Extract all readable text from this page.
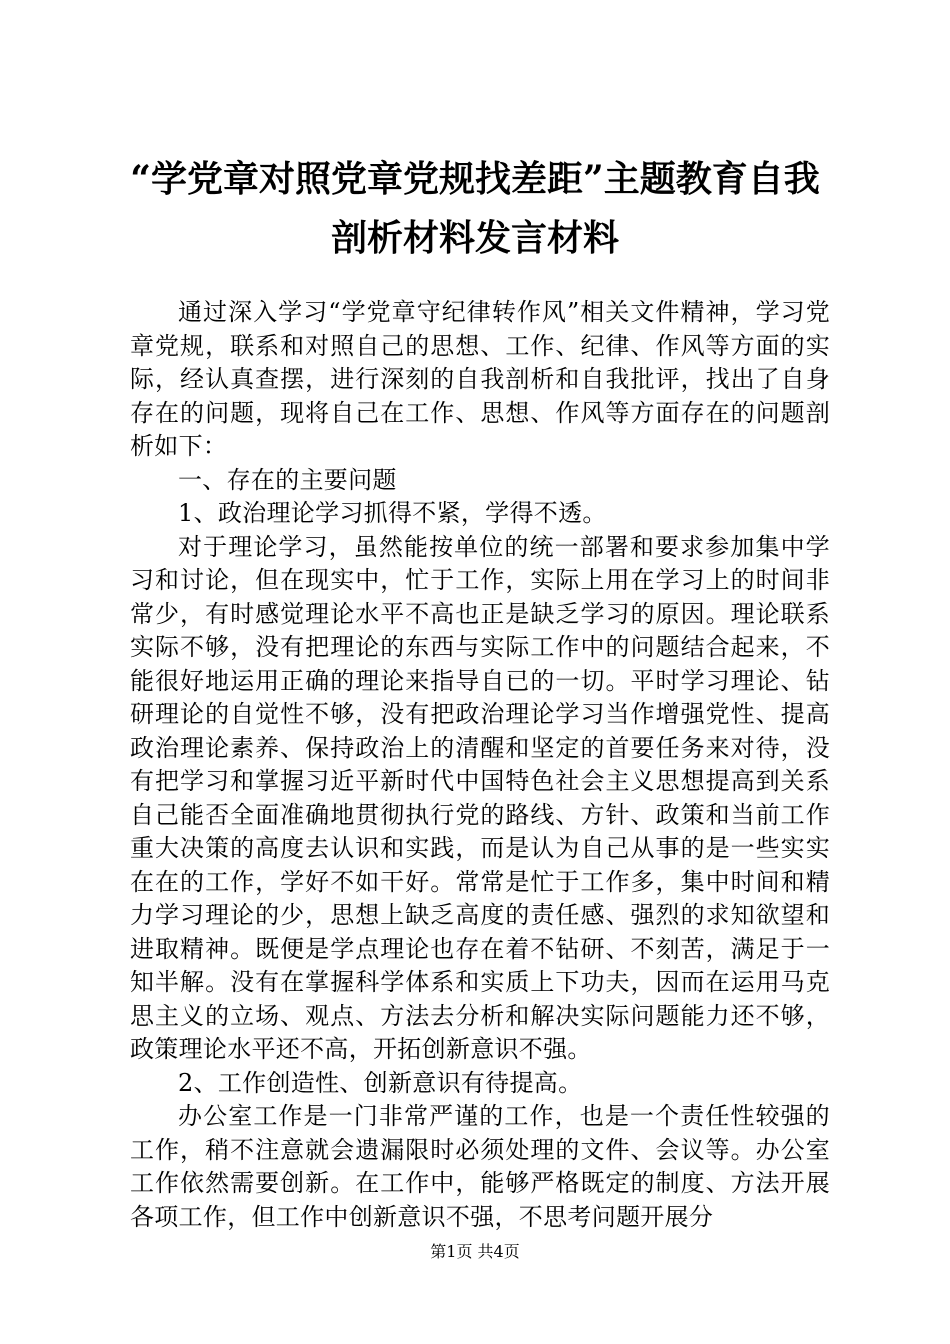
“学党章对照党章党规找差距”主题教育自我
剖析材料发言材料

通过深入学习“学党章守纪律转作风”相关文件精神，学习党章党规，联系和对照自己的思想、工作、纪律、作风等方面的实际，经认真查摆，进行深刻的自我剖析和自我批评，找出了自身存在的问题，现将自己在工作、思想、作风等方面存在的问题剖析如下：

一、存在的主要问题

1、政治理论学习抓得不紧，学得不透。

对于理论学习，虽然能按单位的统一部署和要求参加集中学习和讨论，但在现实中，忙于工作，实际上用在学习上的时间非常少，有时感觉理论水平不高也正是缺乏学习的原因。理论联系实际不够，没有把理论的东西与实际工作中的问题结合起来，不能很好地运用正确的理论来指导自已的一切。平时学习理论、钻研理论的自觉性不够，没有把政治理论学习当作增强党性、提高政治理论素养、保持政治上的清醒和坚定的首要任务来对待，没有把学习和掌握习近平新时代中国特色社会主义思想提高到关系自己能否全面准确地贯彻执行党的路线、方针、政策和当前工作重大决策的高度去认识和实践，而是认为自己从事的是一些实实在在的工作，学好不如干好。常常是忙于工作多，集中时间和精力学习理论的少，思想上缺乏高度的责任感、强烈的求知欲望和进取精神。既便是学点理论也存在着不钻研、不刻苦，满足于一知半解。没有在掌握科学体系和实质上下功夫，因而在运用马克思主义的立场、观点、方法去分析和解决实际问题能力还不够，政策理论水平还不高，开拓创新意识不强。

2、工作创造性、创新意识有待提高。

办公室工作是一门非常严谨的工作，也是一个责任性较强的工作，稍不注意就会遗漏限时必须处理的文件、会议等。办公室工作依然需要创新。在工作中，能够严格既定的制度、方法开展各项工作，但工作中创新意识不强，不思考问题开展分

第1页 共4页
